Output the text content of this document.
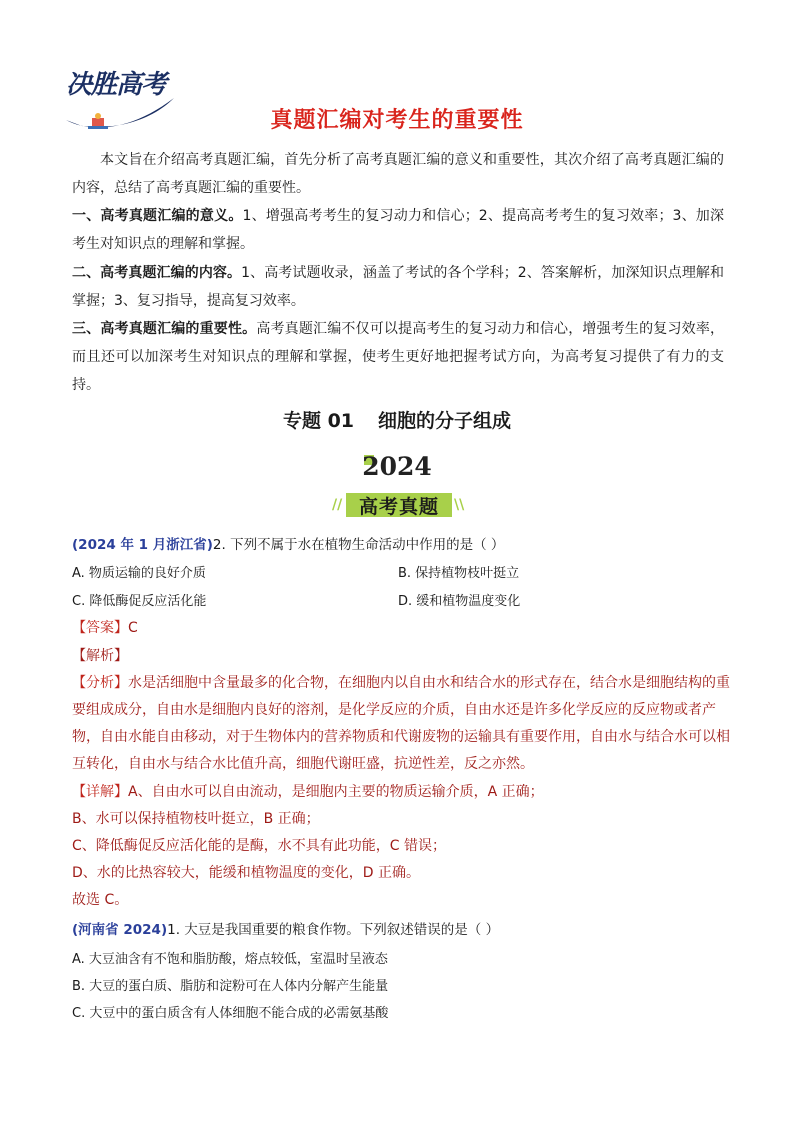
决胜高考
真题汇编对考生的重要性
本文旨在介绍高考真题汇编，首先分析了高考真题汇编的意义和重要性，其次介绍了高考真题汇编的内容，总结了高考真题汇编的重要性。
一、高考真题汇编的意义。1、增强高考考生的复习动力和信心；2、提高高考考生的复习效率；3、加深考生对知识点的理解和掌握。
二、高考真题汇编的内容。1、高考试题收录，涵盖了考试的各个学科；2、答案解析，加深知识点理解和掌握；3、复习指导，提高复习效率。
三、高考真题汇编的重要性。高考真题汇编不仅可以提高考生的复习动力和信心，增强考生的复习效率，而且还可以加深考生对知识点的理解和掌握，使考生更好地把握考试方向，为高考复习提供了有力的支持。
专题 01 细胞的分子组成
2024
// 高考真题	\\
(2024 年 1 月浙江省)2. 下列不属于水在植物生命活动中作用的是（ ）
A. 物质运输的良好介质	B. 保持植物枝叶挺立
C. 降低酶促反应活化能	D. 缓和植物温度变化
【答案】C
【解析】
【分析】水是活细胞中含量最多的化合物，在细胞内以自由水和结合水的形式存在，结合水是细胞结构的重要组成成分，自由水是细胞内良好的溶剂，是化学反应的介质，自由水还是许多化学反应的反应物或者产物，自由水能自由移动，对于生物体内的营养物质和代谢废物的运输具有重要作用，自由水与结合水可以相互转化，自由水与结合水比值升高，细胞代谢旺盛，抗逆性差，反之亦然。
【详解】A、自由水可以自由流动，是细胞内主要的物质运输介质，A 正确；
B、水可以保持植物枝叶挺立，B 正确；
C、降低酶促反应活化能的是酶，水不具有此功能，C 错误；
D、水的比热容较大，能缓和植物温度的变化，D 正确。
故选 C。
(河南省 2024)1. 大豆是我国重要的粮食作物。下列叙述错误的是（ ）
A. 大豆油含有不饱和脂肪酸，熔点较低，室温时呈液态
B. 大豆的蛋白质、脂肪和淀粉可在人体内分解产生能量
C. 大豆中的蛋白质含有人体细胞不能合成的必需氨基酸
